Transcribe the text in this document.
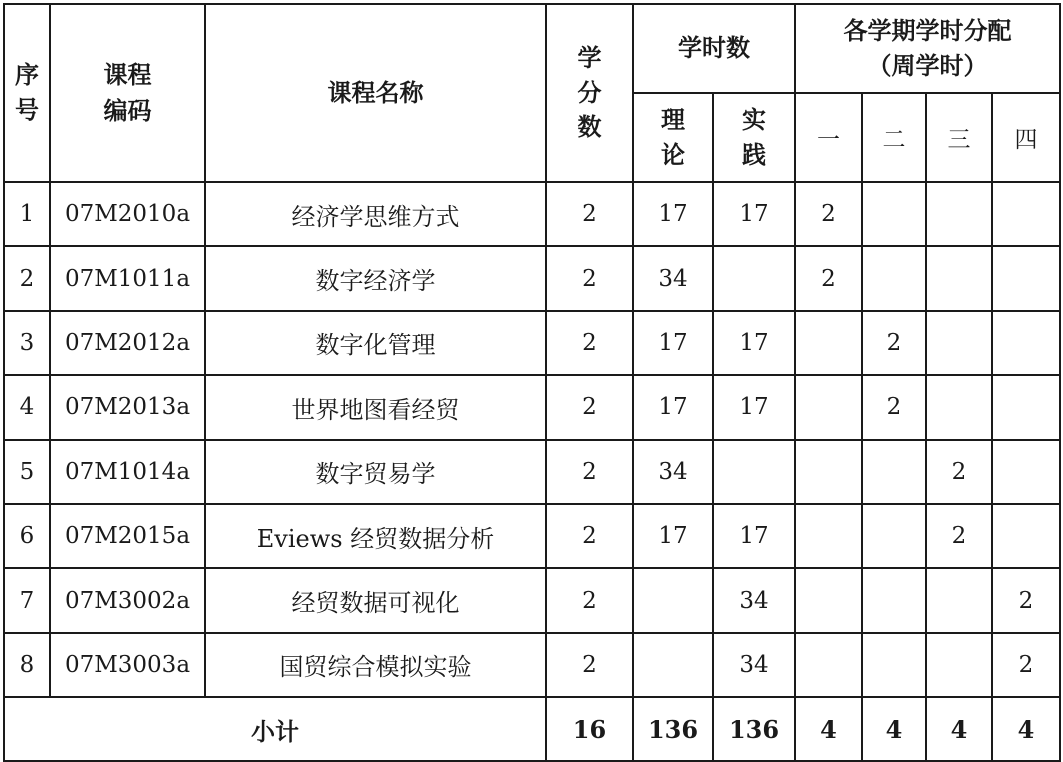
序号	课程编码	课程名称	学分数	学时数		各学期学时分配（周学时）			
				理论	实践	一	二	三	四
1	07M2010a	经济学思维方式	2	17	17	2			
2	07M1011a	数字经济学	2	34		2			
3	07M2012a	数字化管理	2	17	17		2		
4	07M2013a	世界地图看经贸	2	17	17		2		
5	07M1014a	数字贸易学	2	34				2	
6	07M2015a	Eviews 经贸数据分析	2	17	17			2	
7	07M3002a	经贸数据可视化	2		34				2
8	07M3003a	国贸综合模拟实验	2		34				2
小计			16	136	136	4	4	4	4
